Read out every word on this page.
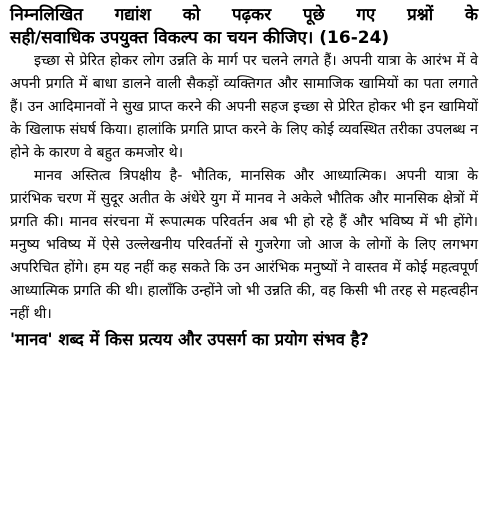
निम्नलिखित गद्यांश को पढ़कर पूछे गए प्रश्नों के

सही/सवाधिक उपयुक्त विकल्प का चयन कीजिए। (16-24)

इच्छा से प्रेरित होकर लोग उन्नति के मार्ग पर चलने लगते हैं। अपनी यात्रा के आरंभ में वे अपनी प्रगति में बाधा डालने वाली सैकड़ों व्यक्तिगत और सामाजिक खामियों का पता लगाते हैं। उन आदिमानवों ने सुख प्राप्त करने की अपनी सहज इच्छा से प्रेरित होकर भी इन खामियों के खिलाफ संघर्ष किया। हालांकि प्रगति प्राप्त करने के लिए कोई व्यवस्थित तरीका उपलब्ध न होने के कारण वे बहुत कमजोर थे।

मानव अस्तित्व त्रिपक्षीय है- भौतिक, मानसिक और आध्यात्मिक। अपनी यात्रा के प्रारंभिक चरण में सुदूर अतीत के अंधेरे युग में मानव ने अकेले भौतिक और मानसिक क्षेत्रों में प्रगति की। मानव संरचना में रूपात्मक परिवर्तन अब भी हो रहे हैं और भविष्य में भी होंगे। मनुष्य भविष्य में ऐसे उल्लेखनीय परिवर्तनों से गुजरेगा जो आज के लोगों के लिए लगभग अपरिचित होंगे। हम यह नहीं कह सकते कि उन आरंभिक मनुष्यों ने वास्तव में कोई महत्वपूर्ण आध्यात्मिक प्रगति की थी। हालाँकि उन्होंने जो भी उन्नति की, वह किसी भी तरह से महत्वहीन नहीं थी।

'मानव' शब्द में किस प्रत्यय और उपसर्ग का प्रयोग संभव है?
